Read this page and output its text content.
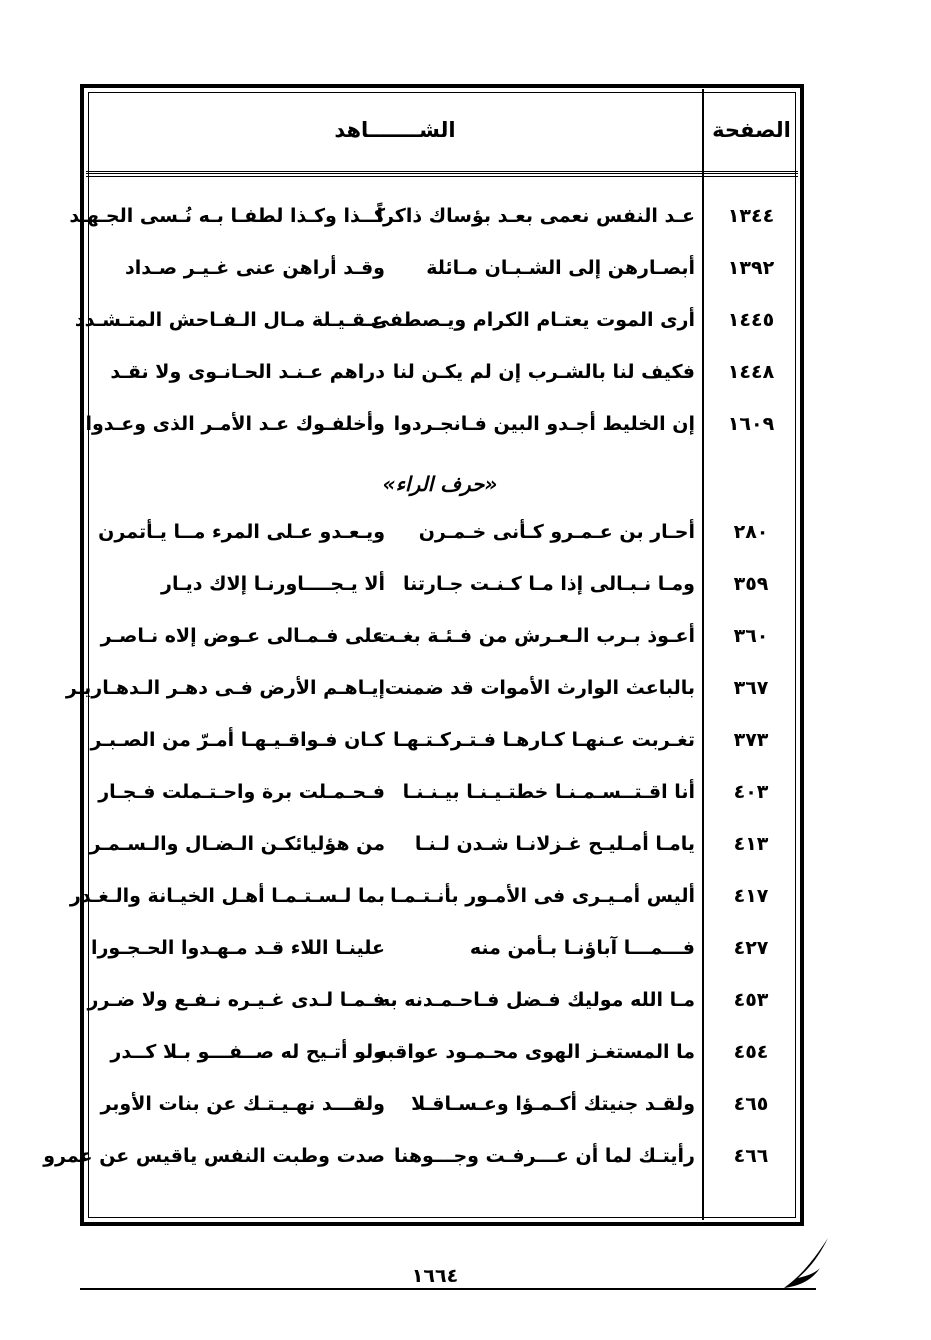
الصفحة
الشـــــــاهد
١٣٤٤
عـد النفس نعمى بعـد بؤساك ذاكراً
كــذا وكـذا لطفـا بـه نُـسى الجـهـد
١٣٩٢
أبصـارهن إلى الشـبـان مـائلة
وقـد أراهن عنى غـيـر صـداد
١٤٤٥
أرى الموت يعتـام الكرام ويـصطفى
عـقـيـلة مـال الـفـاحش المتـشـدد
١٤٤٨
فكيف لنا بالشـرب إن لم يكـن لنا
دراهم عـنـد الحـانـوى ولا نقـد
١٦٠٩
إن الخليط أجـدو البين فـانجـردوا
وأخلفـوك عـد الأمـر الذى وعـدوا
«حرف الراء»
٢٨٠
أحـار بن عـمـرو كـأنى خـمـرن
ويـعـدو عـلى المرء مــا يـأتمرن
٣٥٩
ومـا نـبـالى إذا مـا كـنـت جـارتنا
ألا يـجــــاورنـا إلاك ديـار
٣٦٠
أعـوذ بـرب الـعـرش من فـئـة بغـت
على فـمـالى عـوض إلاه نـاصـر
٣٦٧
بالباعث الوارث الأموات قد ضمنت
إيـاهـم الأرض فـى دهـر الـدهـاريـر
٣٧٣
تغـربت عـنهـا كـارهـا فـتـركـتـهـا
كـان فـواقـيـهـا أمـرّ من الصـبـر
٤٠٣
أنا اقـتــسـمـنـا خطتـيـنـا بيـنـنـا
فـحـمـلت برة واحـتـملت فـجـار
٤١٣
يامـا أمـليـح غـزلانـا شـدن لـنـا
من هؤليائكـن الـضـال والـسـمـر
٤١٧
أليس أمـيـرى فى الأمـور بأنـتـمـا
بما لـسـتـمـا أهـل الخيـانة والـغـدر
٤٢٧
فـــمـــا آباؤنـا بـأمن منه
علينـا اللاء قـد مـهـدوا الحـجـورا
٤٥٣
مـا الله موليك فـضل فـاحـمـدنه به
فـمـا لـدى غـيـره نـفـع ولا ضـرر
٤٥٤
ما المستغـز الهوى محـمـود عواقبه
ولو أتـيح له صــفـــو بـلا كــدر
٤٦٥
ولقـد جنيتك أكـمـؤا وعـسـاقـلا
ولقـــد نهـيـتـك عن بنات الأوبر
٤٦٦
رأيتـك لما أن عـــرفـت وجـــوهنا
صدت وطبت النفس ياقيس عن عمرو
١٦٦٤
